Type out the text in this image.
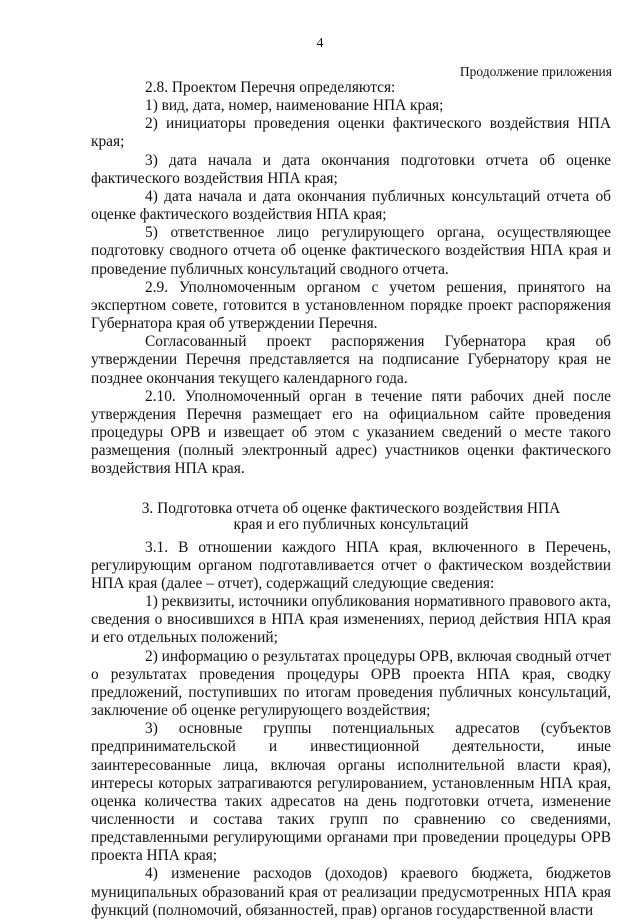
4
Продолжение приложения

2.8. Проектом Перечня определяются:

1) вид, дата, номер, наименование НПА края;

2) инициаторы проведения оценки фактического воздействия НПА края;

3) дата начала и дата окончания подготовки отчета об оценке фактического воздействия НПА края;

4) дата начала и дата окончания публичных консультаций отчета об оценке фактического воздействия НПА края;

5) ответственное лицо регулирующего органа, осуществляющее подготовку сводного отчета об оценке фактического воздействия НПА края и проведение публичных консультаций сводного отчета.

2.9. Уполномоченным органом с учетом решения, принятого на экспертном совете, готовится в установленном порядке проект распоряжения Губернатора края об утверждении Перечня.

Согласованный проект распоряжения Губернатора края об утверждении Перечня представляется на подписание Губернатору края не позднее окончания текущего календарного года.

2.10. Уполномоченный орган в течение пяти рабочих дней после утверждения Перечня размещает его на официальном сайте проведения процедуры ОРВ и извещает об этом с указанием сведений о месте такого размещения (полный электронный адрес) участников оценки фактического воздействия НПА края.

3. Подготовка отчета об оценке фактического воздействия НПА края и его публичных консультаций

3.1. В отношении каждого НПА края, включенного в Перечень, регулирующим органом подготавливается отчет о фактическом воздействии НПА края (далее – отчет), содержащий следующие сведения:

1) реквизиты, источники опубликования нормативного правового акта, сведения о вносившихся в НПА края изменениях, период действия НПА края и его отдельных положений;

2) информацию о результатах процедуры ОРВ, включая сводный отчет о результатах проведения процедуры ОРВ проекта НПА края, сводку предложений, поступивших по итогам проведения публичных консультаций, заключение об оценке регулирующего воздействия;

3) основные группы потенциальных адресатов (субъектов предпринимательской и инвестиционной деятельности, иные заинтересованные лица, включая органы исполнительной власти края), интересы которых затрагиваются регулированием, установленным НПА края, оценка количества таких адресатов на день подготовки отчета, изменение численности и состава таких групп по сравнению со сведениями, представленными регулирующими органами при проведении процедуры ОРВ проекта НПА края;

4) изменение расходов (доходов) краевого бюджета, бюджетов муниципальных образований края от реализации предусмотренных НПА края функций (полномочий, обязанностей, прав) органов государственной власти
